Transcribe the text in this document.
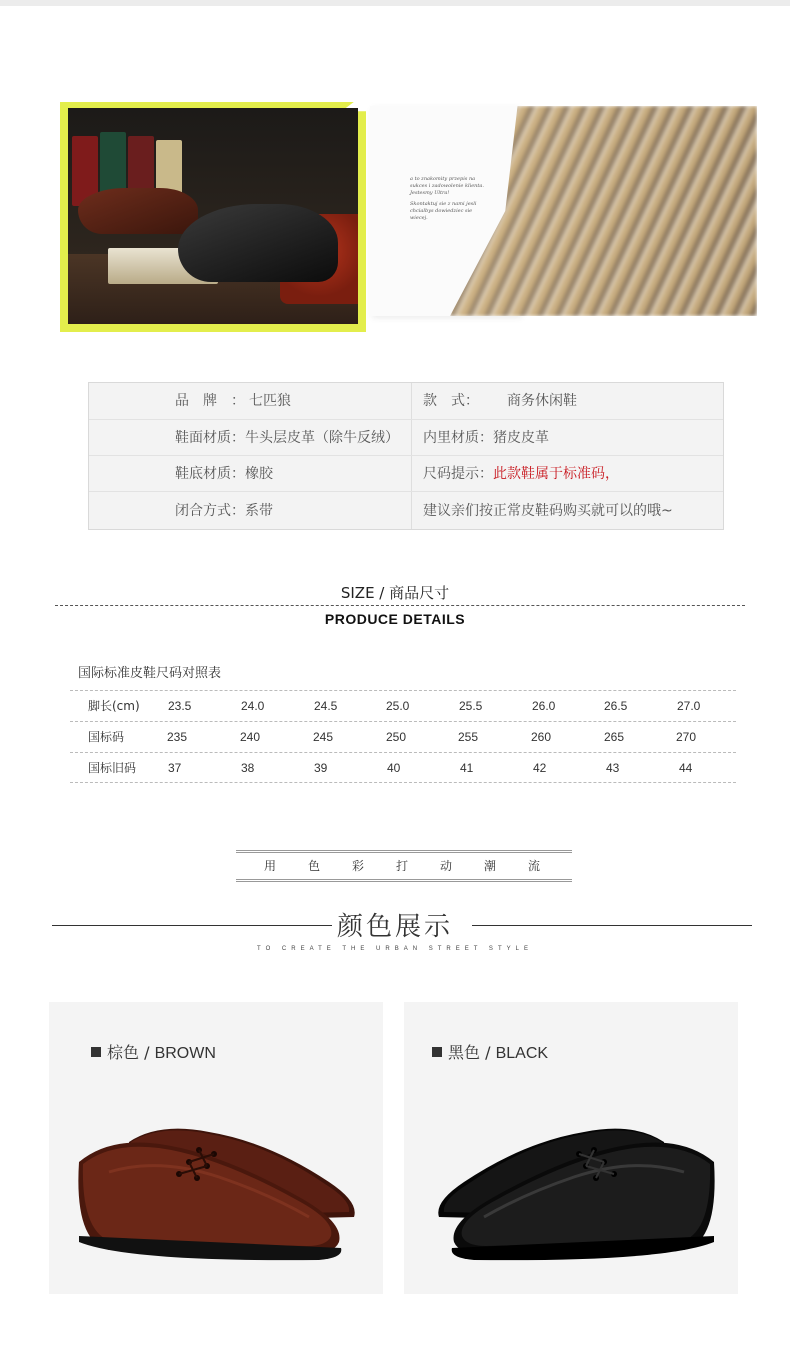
a to znakomity przepis na sukces i zadowolenie klienta. Jestesmy Ultra!

Skontaktuj sie z nami jesli chcialbys dowiedziec sie wiecej.

品　牌　： 七匹狼	款　式： 商务休闲鞋
鞋面材质：牛头层皮革（除牛反绒） 内里材质：猪皮皮革
鞋底材质：橡胶	尺码提示：此款鞋属于标准码，
闭合方式：系带	建议亲们按正常皮鞋码购买就可以的哦~
SIZE / 商品尺寸
PRODUCE DETAILS
国际标准皮鞋尺码对照表
脚长(cm) 23.5	24.0	24.5	25.0	25.5	26.0	26.5	27.0
国标码	235	240	245	250	255	260	265	270
国标旧码	37	38	39	40	41	42	43	44
用	色	彩	打	动	潮	流
颜色展示
TO CREATE THE URBAN STREET STYLE
棕色 / BROWN	黑色 / BLACK
